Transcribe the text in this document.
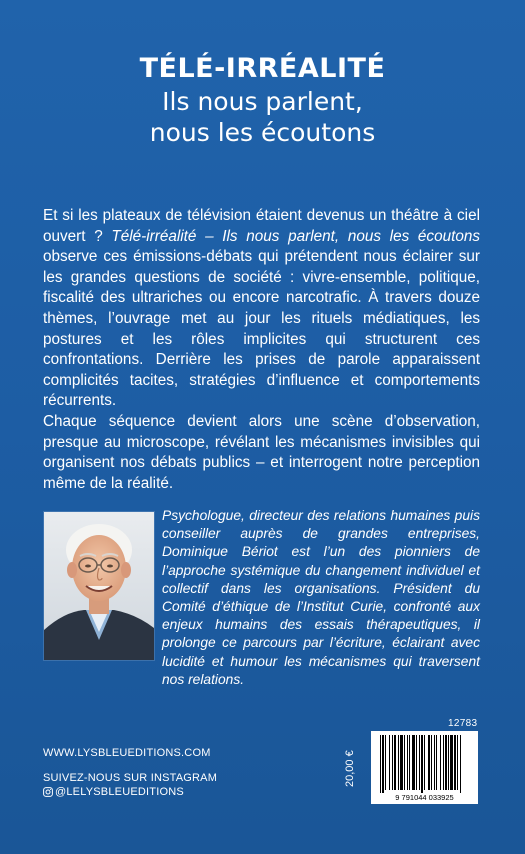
TÉLÉ-IRRÉALITÉ
Ils nous parlent,
nous les écoutons

Et si les plateaux de télévision étaient devenus un théâtre à ciel ouvert ? Télé-irréalité – Ils nous parlent, nous les écoutons observe ces émissions-débats qui prétendent nous éclairer sur les grandes questions de société : vivre-ensemble, politique, fiscalité des ultrariches ou encore narcotrafic. À travers douze thèmes, l’ouvrage met au jour les rituels médiatiques, les postures et les rôles implicites qui structurent ces confrontations. Derrière les prises de parole apparaissent complicités tacites, stratégies d’influence et comportements récurrents.

Chaque séquence devient alors une scène d’observation, presque au microscope, révélant les mécanismes invisibles qui organisent nos débats publics – et interrogent notre perception même de la réalité.

Psychologue, directeur des relations humaines puis conseiller auprès de grandes entreprises, Dominique Bériot est l’un des pionniers de l’approche systémique du changement individuel et collectif dans les organisations. Président du Comité d’éthique de l’Institut Curie, confronté aux enjeux humains des essais thérapeutiques, il prolonge ce parcours par l’écriture, éclairant avec lucidité et humour les mécanismes qui traversent nos relations.

12783
WWW.LYSBLEUEDITIONS.COM
SUIVEZ-NOUS SUR INSTAGRAM
@LELYSBLEUEDITIONS
20,00 €
9 791044 033925
